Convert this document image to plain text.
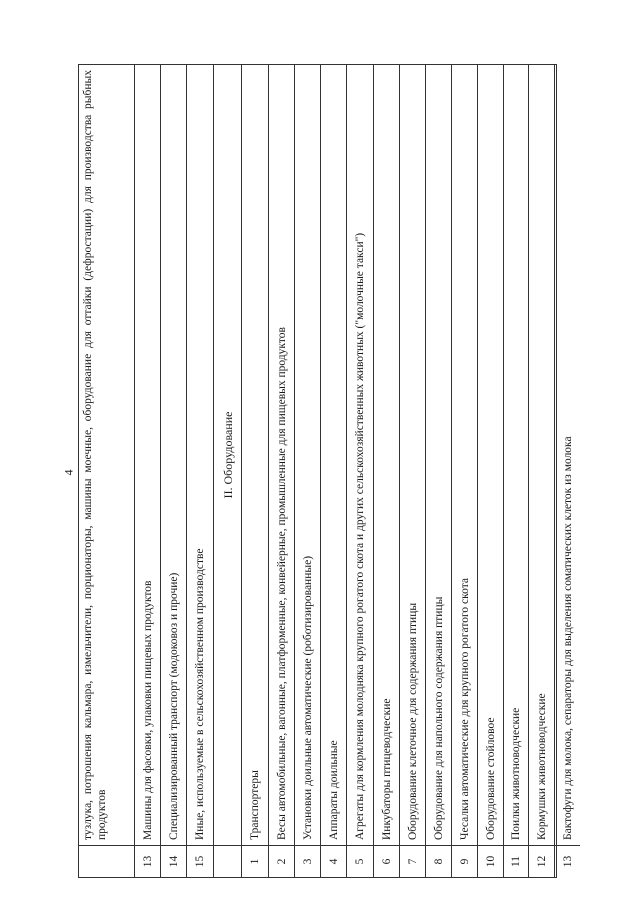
4 тузлука, потрошения кальмара, измельчители, порционаторы, машины моечные, оборудование для оттайки (дефростации) для производства рыбных продуктов
13
Машины для фасовки, упаковки пищевых продуктов
14
Специализированный транспорт (модоковоз и прочие)
15
Иные, используемые в сельскохозяйственном производстве
II. Оборудование
1
Транспортеры
2
Весы автомобильные, вагонные, платформенные, конвейерные, промышленные для пищевых продуктов
3
Установки доильные автоматические (роботизированные)
4
Аппараты доильные
5
Агрегаты для кормления молодняка крупного рогатого скота и других сельскохозяйственных животных ("молочные такси")
6
Инкубаторы птицеводческие
7
Оборудование клеточное для содержания птицы
8
Оборудование для напольного содержания птицы
9
Чесалки автоматические для крупного рогатого скота
10
Оборудование стойловое
11
Поилки животноводческие
12
Кормушки животноводческие
13
Бактофуги для молока, сепараторы для выделения соматических клеток из молока
